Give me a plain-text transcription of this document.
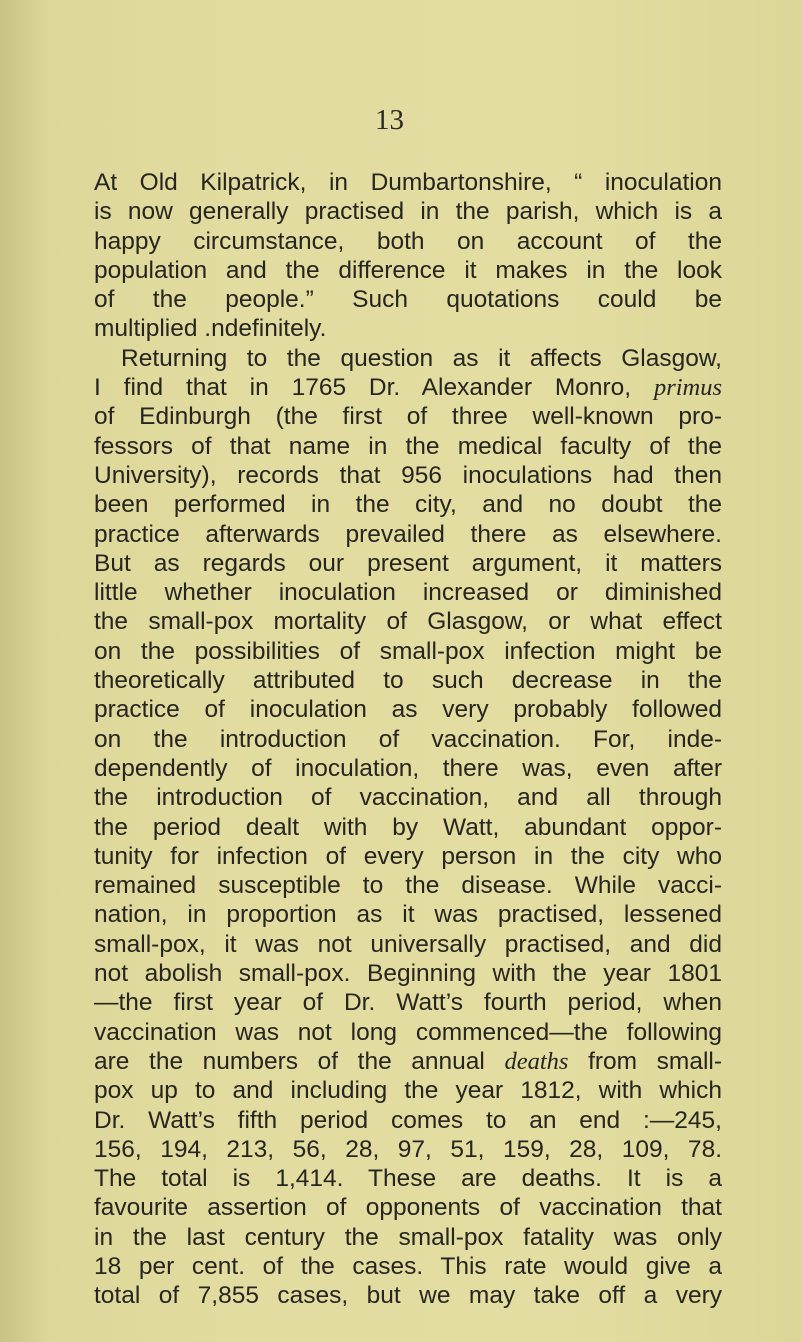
13
At Old Kilpatrick, in Dumbartonshire, “ inoculation
is now generally practised in the parish, which is a
happy circumstance, both on account of the
population and the difference it makes in the look
of the people.” Such quotations could be
multiplied .ndefinitely.
Returning to the question as it affects Glasgow,
I find that in 1765 Dr. Alexander Monro, primus
of Edinburgh (the first of three well-known pro-
fessors of that name in the medical faculty of the
University), records that 956 inoculations had then
been performed in the city, and no doubt the
practice afterwards prevailed there as elsewhere.
But as regards our present argument, it matters
little whether inoculation increased or diminished
the small-pox mortality of Glasgow, or what effect
on the possibilities of small-pox infection might be
theoretically attributed to such decrease in the
practice of inoculation as very probably followed
on the introduction of vaccination. For, inde-
dependently of inoculation, there was, even after
the introduction of vaccination, and all through
the period dealt with by Watt, abundant oppor-
tunity for infection of every person in the city who
remained susceptible to the disease. While vacci-
nation, in proportion as it was practised, lessened
small-pox, it was not universally practised, and did
not abolish small-pox. Beginning with the year 1801
—the first year of Dr. Watt’s fourth period, when
vaccination was not long commenced—the following
are the numbers of the annual deaths from small-
pox up to and including the year 1812, with which
Dr. Watt’s fifth period comes to an end :—245,
156, 194, 213, 56, 28, 97, 51, 159, 28, 109, 78.
The total is 1,414. These are deaths. It is a
favourite assertion of opponents of vaccination that
in the last century the small-pox fatality was only
18 per cent. of the cases. This rate would give a
total of 7,855 cases, but we may take off a very
